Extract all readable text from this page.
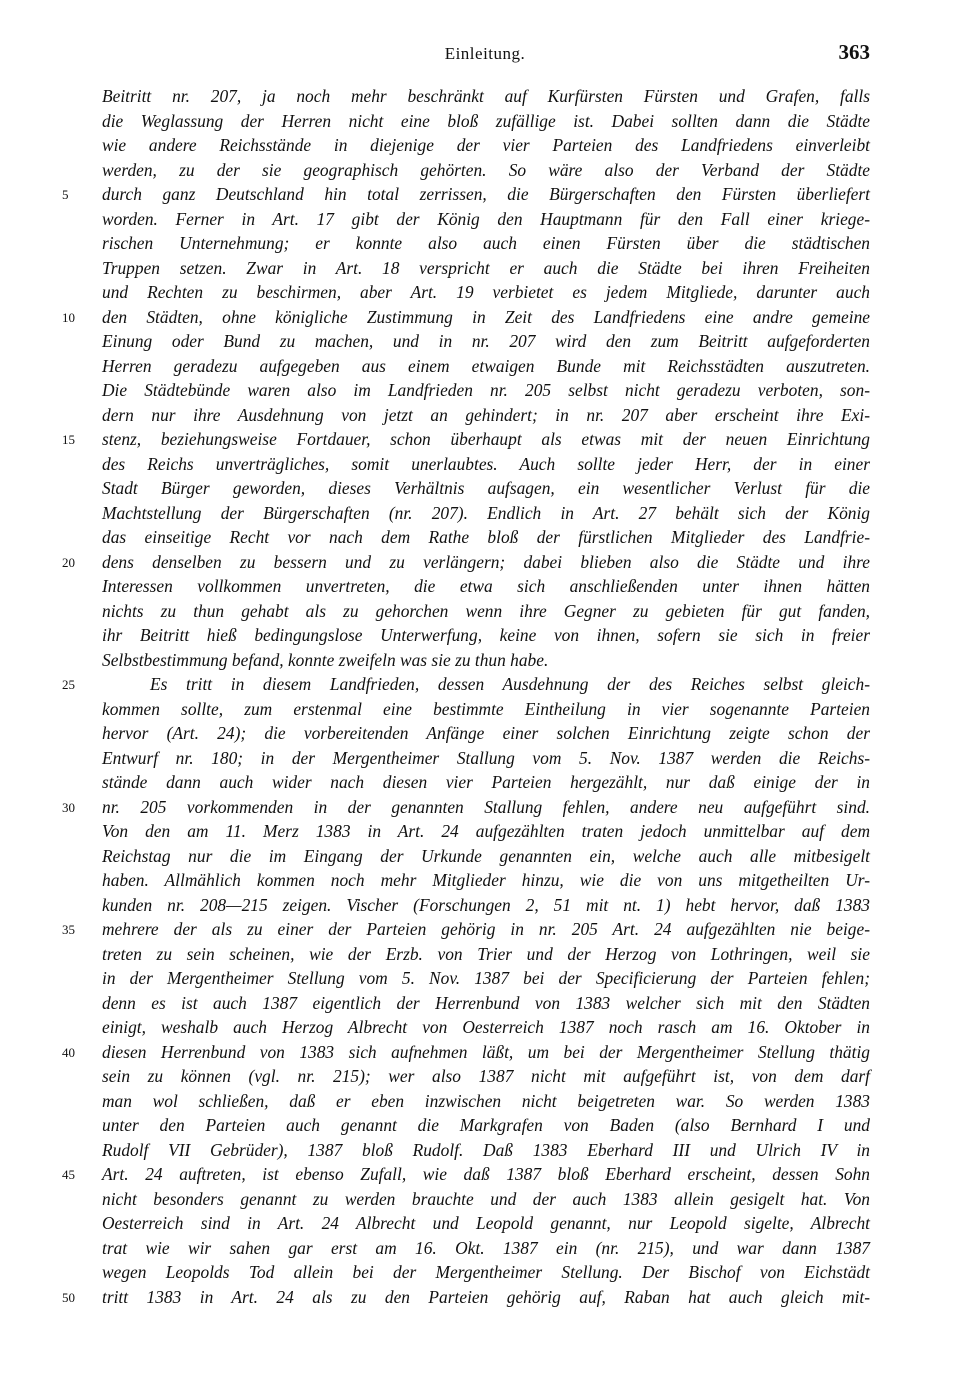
Einleitung.	363
Beitritt nr. 207, ja noch mehr beschränkt auf Kurfürsten Fürsten und Grafen, falls
die Weglassung der Herren nicht eine bloß zufällige ist. Dabei sollten dann die Städte
wie andere Reichsstände in diejenige der vier Parteien des Landfriedens einverleibt
werden, zu der sie geographisch gehörten. So wäre also der Verband der Städte
5	durch ganz Deutschland hin total zerrissen, die Bürgerschaften den Fürsten überliefert
worden. Ferner in Art. 17 gibt der König den Hauptmann für den Fall einer kriege-
rischen Unternehmung; er konnte also auch einen Fürsten über die städtischen
Truppen setzen. Zwar in Art. 18 verspricht er auch die Städte bei ihren Freiheiten
und Rechten zu beschirmen, aber Art. 19 verbietet es jedem Mitgliede, darunter auch
10	den Städten, ohne königliche Zustimmung in Zeit des Landfriedens eine andre gemeine
Einung oder Bund zu machen, und in nr. 207 wird den zum Beitritt aufgeforderten
Herren geradezu aufgegeben aus einem etwaigen Bunde mit Reichsstädten auszutreten.
Die Städtebünde waren also im Landfrieden nr. 205 selbst nicht geradezu verboten, son-
dern nur ihre Ausdehnung von jetzt an gehindert; in nr. 207 aber erscheint ihre Exi-
15	stenz, beziehungsweise Fortdauer, schon überhaupt als etwas mit der neuen Einrichtung
des Reichs unverträgliches, somit unerlaubtes. Auch sollte jeder Herr, der in einer
Stadt Bürger geworden, dieses Verhältnis aufsagen, ein wesentlicher Verlust für die
Machtstellung der Bürgerschaften (nr. 207). Endlich in Art. 27 behält sich der König
das einseitige Recht vor nach dem Rathe bloß der fürstlichen Mitglieder des Landfrie-
20	dens denselben zu bessern und zu verlängern; dabei blieben also die Städte und ihre
Interessen vollkommen unvertreten, die etwa sich anschließenden unter ihnen hätten
nichts zu thun gehabt als zu gehorchen wenn ihre Gegner zu gebieten für gut fanden,
ihr Beitritt hieß bedingungslose Unterwerfung, keine von ihnen, sofern sie sich in freier
Selbstbestimmung befand, konnte zweifeln was sie zu thun habe.
25	Es tritt in diesem Landfrieden, dessen Ausdehnung der des Reiches selbst gleich-
kommen sollte, zum erstenmal eine bestimmte Eintheilung in vier sogenannte Parteien
hervor (Art. 24); die vorbereitenden Anfänge einer solchen Einrichtung zeigte schon der
Entwurf nr. 180; in der Mergentheimer Stallung vom 5. Nov. 1387 werden die Reichs-
stände dann auch wider nach diesen vier Parteien hergezählt, nur daß einige der in
30	nr. 205 vorkommenden in der genannten Stallung fehlen, andere neu aufgeführt sind.
Von den am 11. Merz 1383 in Art. 24 aufgezählten traten jedoch unmittelbar auf dem
Reichstag nur die im Eingang der Urkunde genannten ein, welche auch alle mitbesigelt
haben. Allmählich kommen noch mehr Mitglieder hinzu, wie die von uns mitgetheilten Ur-
kunden nr. 208—215 zeigen. Vischer (Forschungen 2, 51 mit nt. 1) hebt hervor, daß 1383
35	mehrere der als zu einer der Parteien gehörig in nr. 205 Art. 24 aufgezählten nie beige-
treten zu sein scheinen, wie der Erzb. von Trier und der Herzog von Lothringen, weil sie
in der Mergentheimer Stellung vom 5. Nov. 1387 bei der Specificierung der Parteien fehlen;
denn es ist auch 1387 eigentlich der Herrenbund von 1383 welcher sich mit den Städten
einigt, weshalb auch Herzog Albrecht von Oesterreich 1387 noch rasch am 16. Oktober in
40	diesen Herrenbund von 1383 sich aufnehmen läßt, um bei der Mergentheimer Stellung thätig
sein zu können (vgl. nr. 215); wer also 1387 nicht mit aufgeführt ist, von dem darf
man wol schließen, daß er eben inzwischen nicht beigetreten war. So werden 1383
unter den Parteien auch genannt die Markgrafen von Baden (also Bernhard I und
Rudolf VII Gebrüder), 1387 bloß Rudolf. Daß 1383 Eberhard III und Ulrich IV in
45	Art. 24 auftreten, ist ebenso Zufall, wie daß 1387 bloß Eberhard erscheint, dessen Sohn
nicht besonders genannt zu werden brauchte und der auch 1383 allein gesigelt hat. Von
Oesterreich sind in Art. 24 Albrecht und Leopold genannt, nur Leopold sigelte, Albrecht
trat wie wir sahen gar erst am 16. Okt. 1387 ein (nr. 215), und war dann 1387
wegen Leopolds Tod allein bei der Mergentheimer Stellung. Der Bischof von Eichstädt
50	tritt 1383 in Art. 24 als zu den Parteien gehörig auf, Raban hat auch gleich mit-
